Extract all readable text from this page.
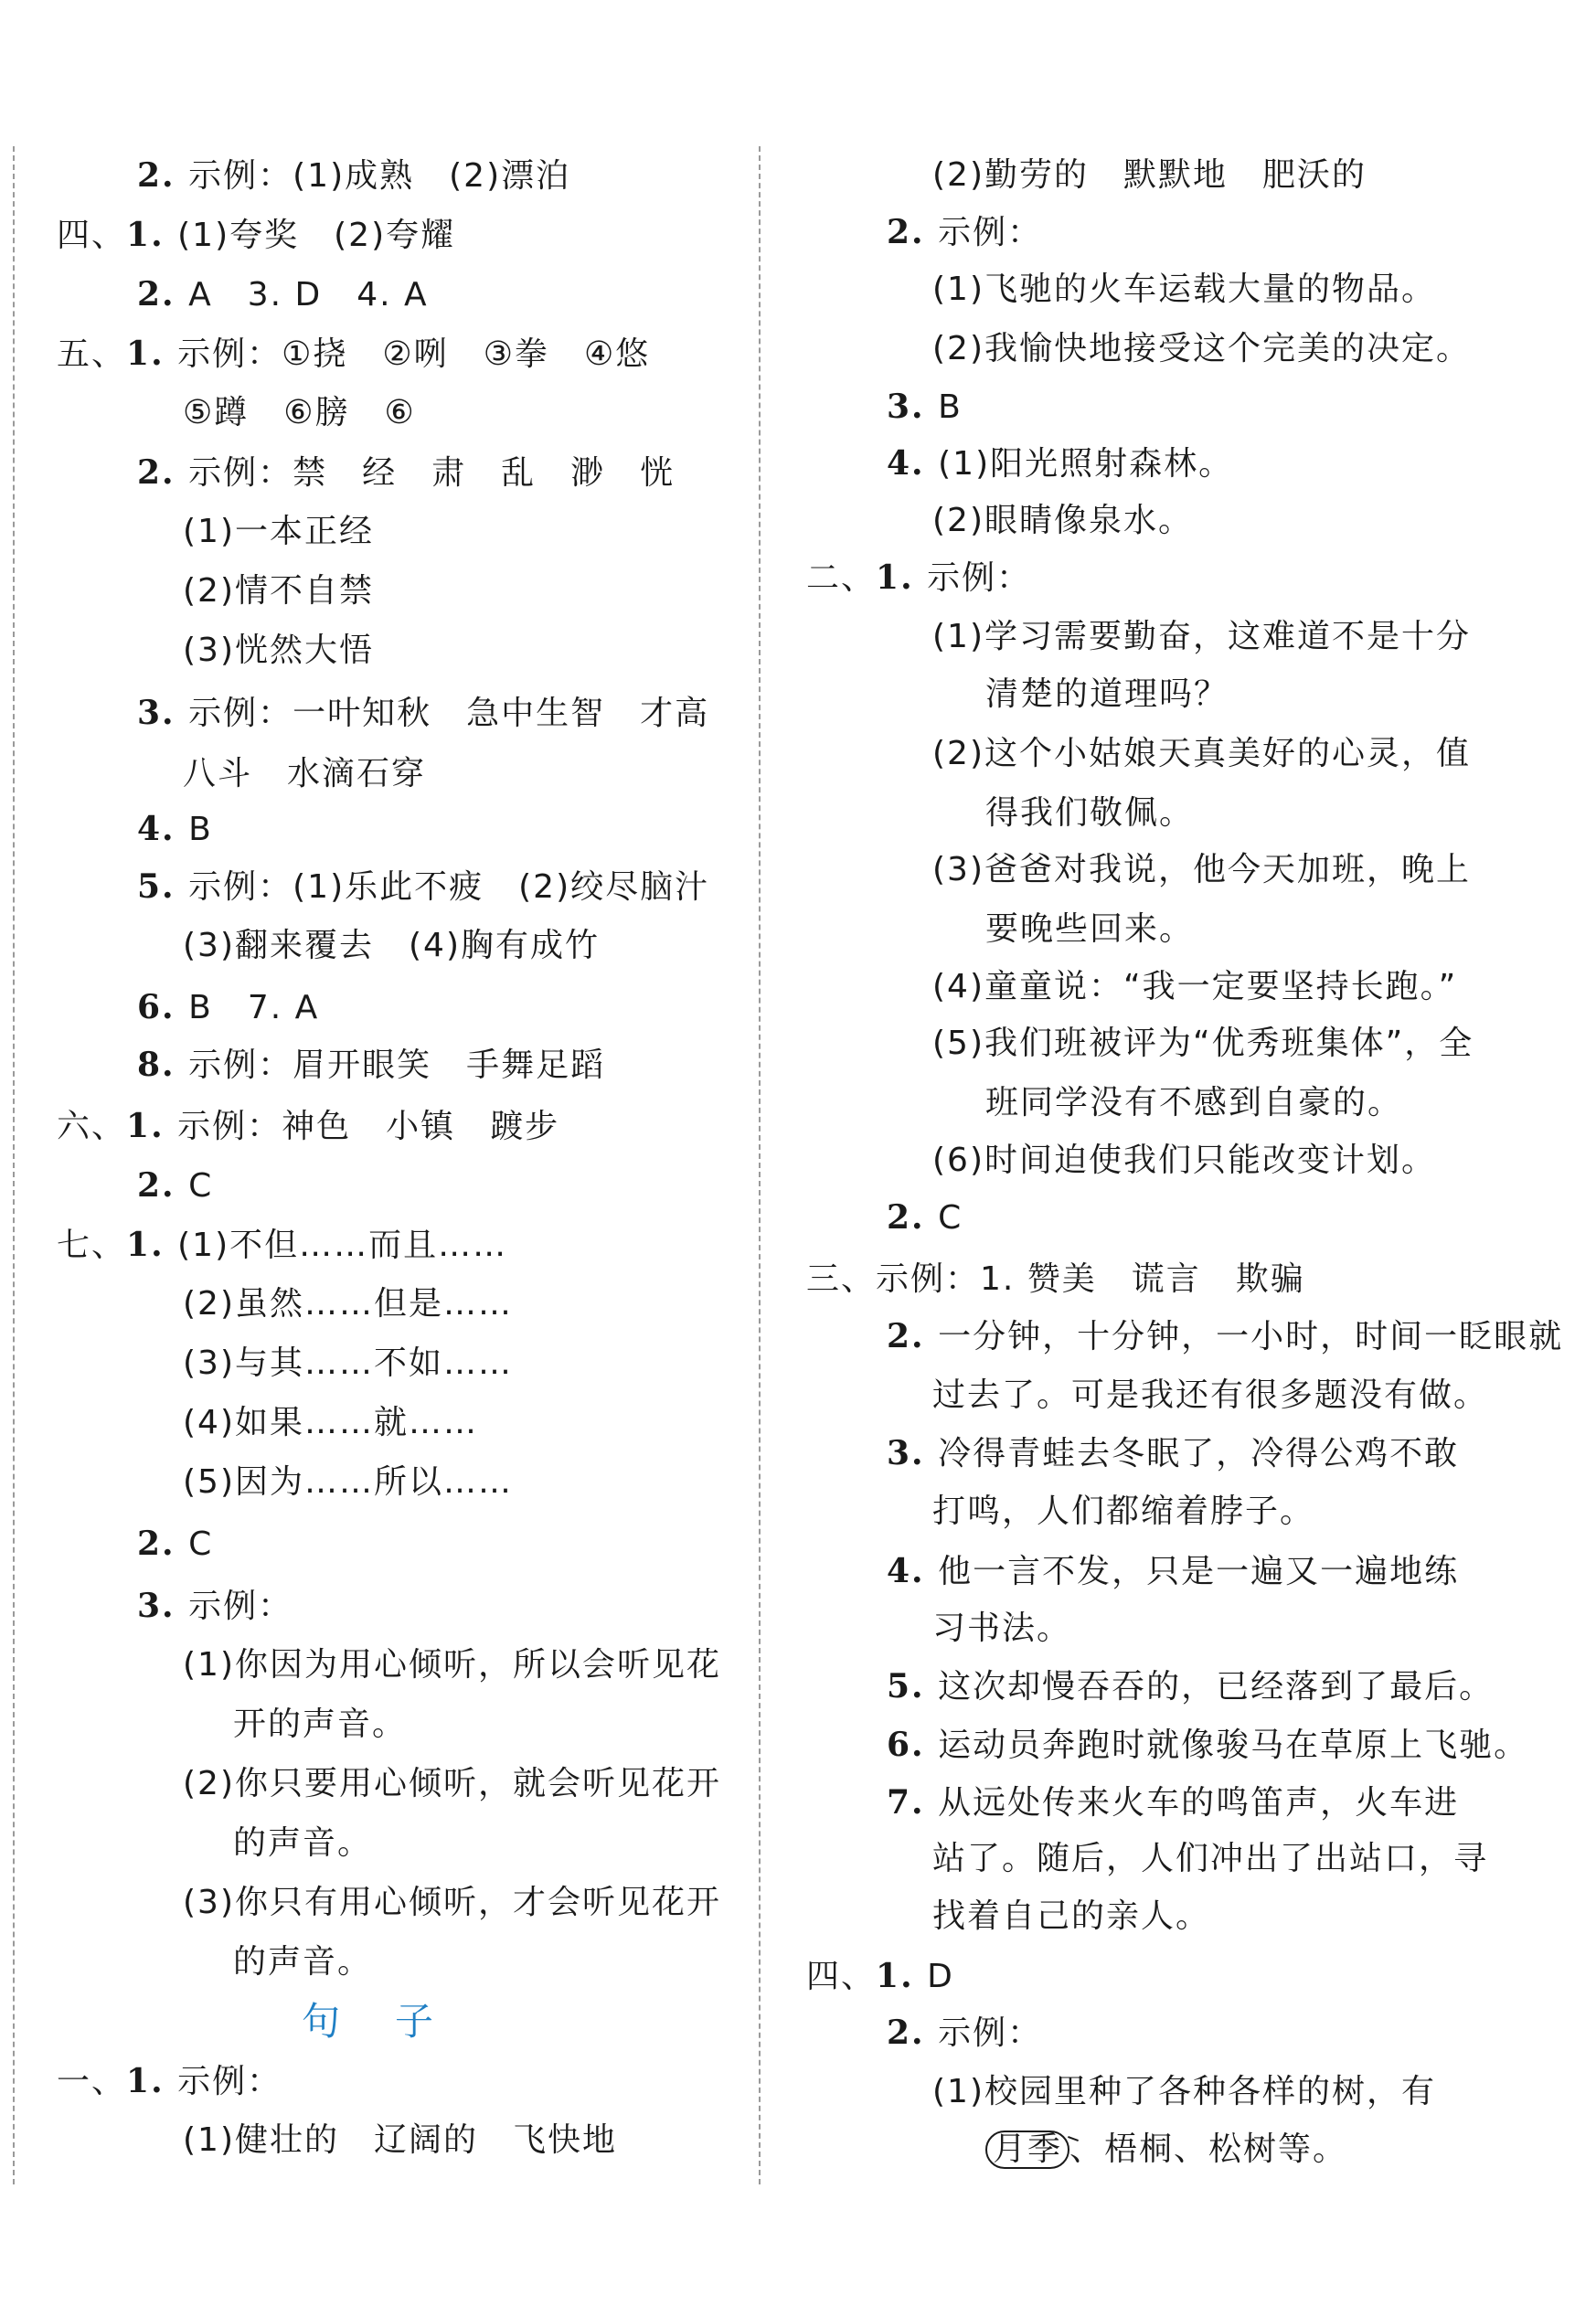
2. 示例：(1)成熟　(2)漂泊
四、1. (1)夸奖　(2)夸耀
2. A　3. D　4. A
五、1. 示例：①挠　②咧　③拳　④悠
⑤蹲　⑥膀　⑥
2. 示例：禁　经　肃　乱　渺　恍
(1)一本正经
(2)情不自禁
(3)恍然大悟
3. 示例：一叶知秋　急中生智　才高
八斗　水滴石穿
4. B
5. 示例：(1)乐此不疲　(2)绞尽脑汁
(3)翻来覆去　(4)胸有成竹
6. B　7. A
8. 示例：眉开眼笑　手舞足蹈
六、1. 示例：神色　小镇　踱步
2. C
七、1. (1)不但……而且……
(2)虽然……但是……
(3)与其……不如……
(4)如果……就……
(5)因为……所以……
2. C
3. 示例：
(1)你因为用心倾听，所以会听见花
开的声音。
(2)你只要用心倾听，就会听见花开
的声音。
(3)你只有用心倾听，才会听见花开
的声音。
一、1. 示例：
(1)健壮的　辽阔的　飞快地
句子
(2)勤劳的　默默地　肥沃的
2. 示例：
(1)飞驰的火车运载大量的物品。
(2)我愉快地接受这个完美的决定。
3. B
4. (1)阳光照射森林。
(2)眼睛像泉水。
二、1. 示例：
(1)学习需要勤奋，这难道不是十分
清楚的道理吗？
(2)这个小姑娘天真美好的心灵，值
得我们敬佩。
(3)爸爸对我说，他今天加班，晚上
要晚些回来。
(4)童童说：“我一定要坚持长跑。”
(5)我们班被评为“优秀班集体”，全
班同学没有不感到自豪的。
(6)时间迫使我们只能改变计划。
2. C
三、示例：1. 赞美　谎言　欺骗
2. 一分钟，十分钟，一小时，时间一眨眼就
过去了。可是我还有很多题没有做。
3. 冷得青蛙去冬眠了，冷得公鸡不敢
打鸣，人们都缩着脖子。
4. 他一言不发，只是一遍又一遍地练
习书法。
5. 这次却慢吞吞的，已经落到了最后。
6. 运动员奔跑时就像骏马在草原上飞驰。
7. 从远处传来火车的鸣笛声，火车进
站了。随后，人们冲出了出站口，寻
找着自己的亲人。
四、1. D
2. 示例：
(1)校园里种了各种各样的树，有
月季 、梧桐、松树等。
